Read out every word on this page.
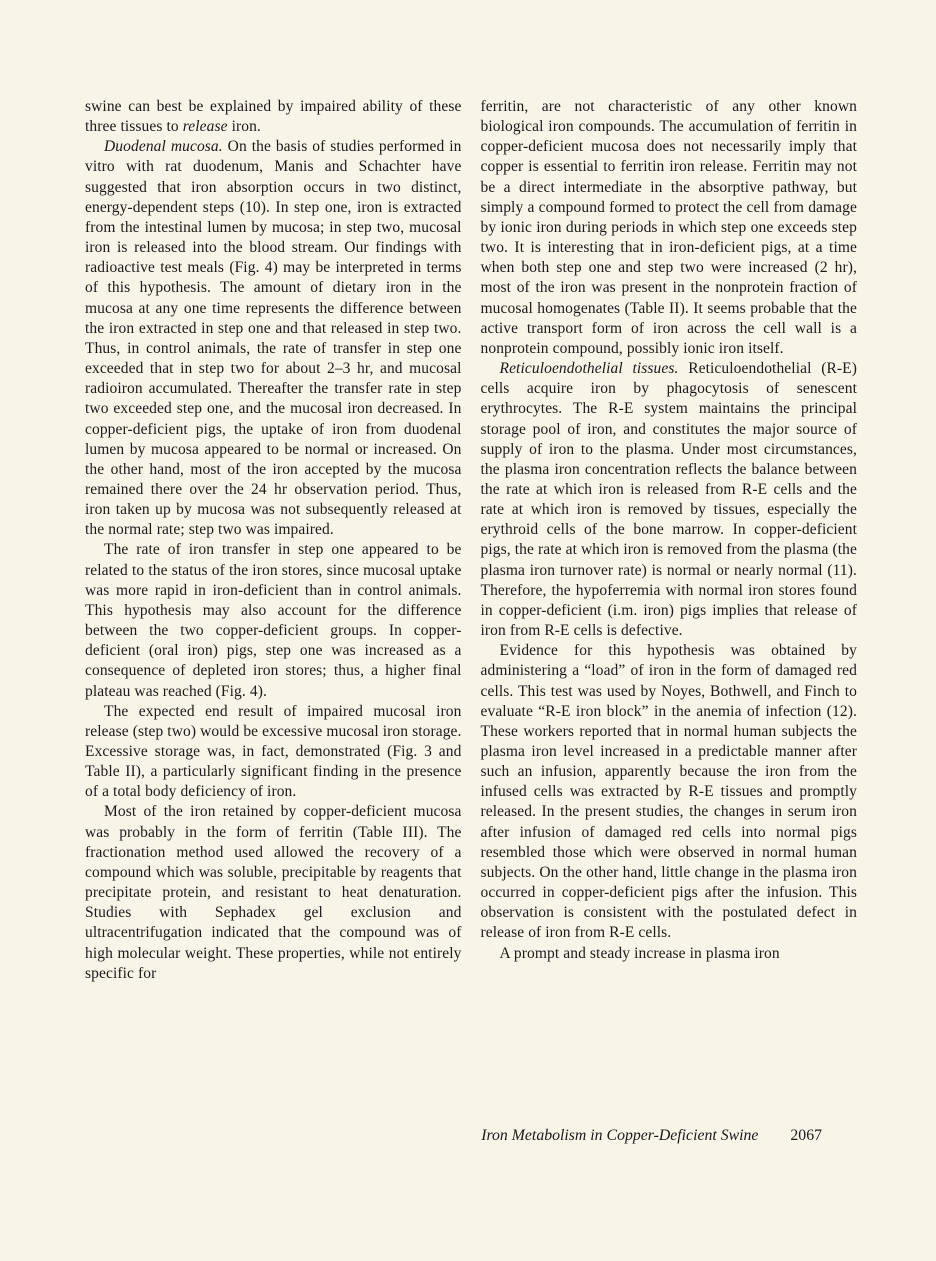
swine can best be explained by impaired ability of these three tissues to release iron.

Duodenal mucosa. On the basis of studies performed in vitro with rat duodenum, Manis and Schachter have suggested that iron absorption occurs in two distinct, energy-dependent steps (10). In step one, iron is extracted from the intestinal lumen by mucosa; in step two, mucosal iron is released into the blood stream. Our findings with radioactive test meals (Fig. 4) may be interpreted in terms of this hypothesis. The amount of dietary iron in the mucosa at any one time represents the difference between the iron extracted in step one and that released in step two. Thus, in control animals, the rate of transfer in step one exceeded that in step two for about 2–3 hr, and mucosal radioiron accumulated. Thereafter the transfer rate in step two exceeded step one, and the mucosal iron decreased. In copper-deficient pigs, the uptake of iron from duodenal lumen by mucosa appeared to be normal or increased. On the other hand, most of the iron accepted by the mucosa remained there over the 24 hr observation period. Thus, iron taken up by mucosa was not subsequently released at the normal rate; step two was impaired.

The rate of iron transfer in step one appeared to be related to the status of the iron stores, since mucosal uptake was more rapid in iron-deficient than in control animals. This hypothesis may also account for the difference between the two copper-deficient groups. In copper-deficient (oral iron) pigs, step one was increased as a consequence of depleted iron stores; thus, a higher final plateau was reached (Fig. 4).

The expected end result of impaired mucosal iron release (step two) would be excessive mucosal iron storage. Excessive storage was, in fact, demonstrated (Fig. 3 and Table II), a particularly significant finding in the presence of a total body deficiency of iron.

Most of the iron retained by copper-deficient mucosa was probably in the form of ferritin (Table III). The fractionation method used allowed the recovery of a compound which was soluble, precipitable by reagents that precipitate protein, and resistant to heat denaturation. Studies with Sephadex gel exclusion and ultracentrifugation indicated that the compound was of high molecular weight. These properties, while not entirely specific for

ferritin, are not characteristic of any other known biological iron compounds. The accumulation of ferritin in copper-deficient mucosa does not necessarily imply that copper is essential to ferritin iron release. Ferritin may not be a direct intermediate in the absorptive pathway, but simply a compound formed to protect the cell from damage by ionic iron during periods in which step one exceeds step two. It is interesting that in iron-deficient pigs, at a time when both step one and step two were increased (2 hr), most of the iron was present in the nonprotein fraction of mucosal homogenates (Table II). It seems probable that the active transport form of iron across the cell wall is a nonprotein compound, possibly ionic iron itself.

Reticuloendothelial tissues. Reticuloendothelial (R-E) cells acquire iron by phagocytosis of senescent erythrocytes. The R-E system maintains the principal storage pool of iron, and constitutes the major source of supply of iron to the plasma. Under most circumstances, the plasma iron concentration reflects the balance between the rate at which iron is released from R-E cells and the rate at which iron is removed by tissues, especially the erythroid cells of the bone marrow. In copper-deficient pigs, the rate at which iron is removed from the plasma (the plasma iron turnover rate) is normal or nearly normal (11). Therefore, the hypoferremia with normal iron stores found in copper-deficient (i.m. iron) pigs implies that release of iron from R-E cells is defective.

Evidence for this hypothesis was obtained by administering a “load” of iron in the form of damaged red cells. This test was used by Noyes, Bothwell, and Finch to evaluate “R-E iron block” in the anemia of infection (12). These workers reported that in normal human subjects the plasma iron level increased in a predictable manner after such an infusion, apparently because the iron from the infused cells was extracted by R-E tissues and promptly released. In the present studies, the changes in serum iron after infusion of damaged red cells into normal pigs resembled those which were observed in normal human subjects. On the other hand, little change in the plasma iron occurred in copper-deficient pigs after the infusion. This observation is consistent with the postulated defect in release of iron from R-E cells.

A prompt and steady increase in plasma iron

Iron Metabolism in Copper-Deficient Swine 2067
